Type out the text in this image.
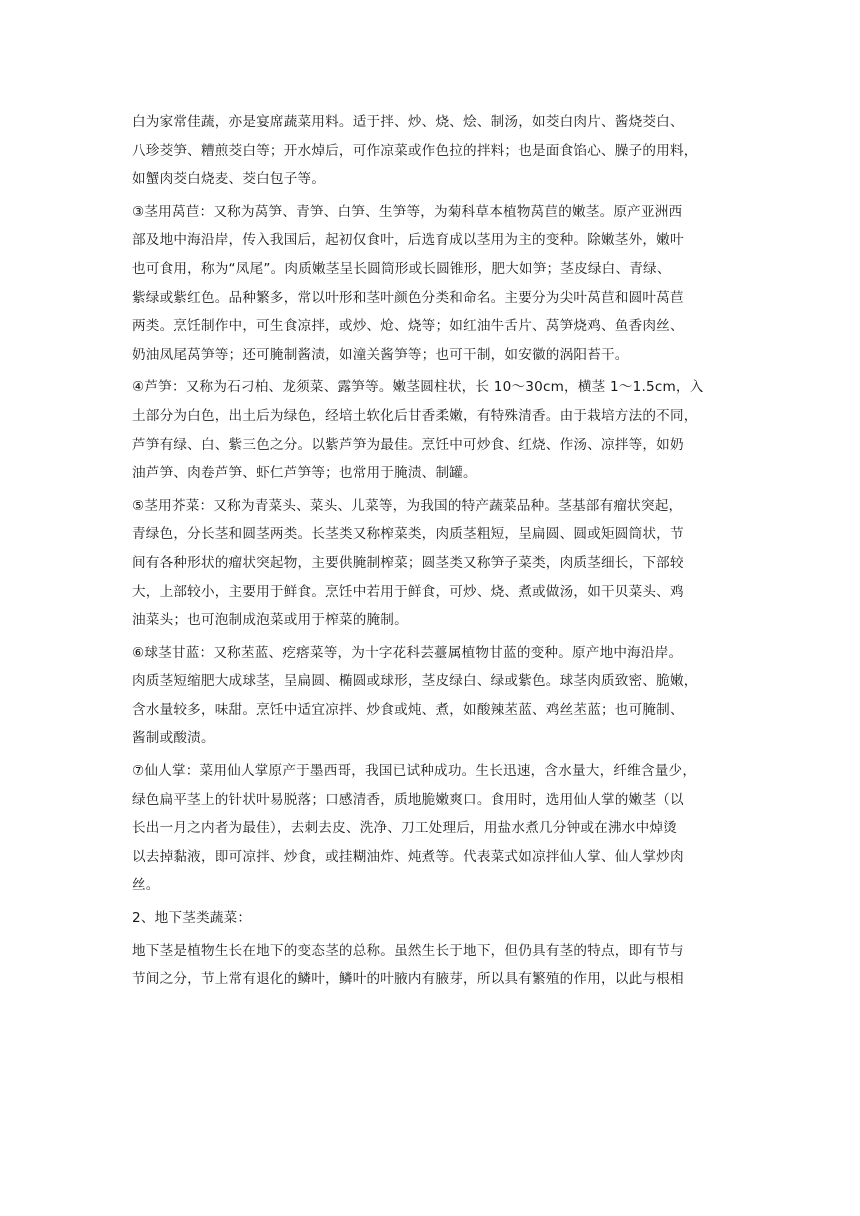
白为家常佳蔬，亦是宴席蔬菜用料。适于拌、炒、烧、烩、制汤，如茭白肉片、酱烧茭白、
八珍茭笋、糟煎茭白等；开水焯后，可作凉菜或作色拉的拌料；也是面食馅心、臊子的用料，
如蟹肉茭白烧麦、茭白包子等。
③茎用莴苣：又称为莴笋、青笋、白笋、生笋等，为菊科草本植物莴苣的嫩茎。原产亚洲西
部及地中海沿岸，传入我国后，起初仅食叶，后选育成以茎用为主的变种。除嫩茎外，嫩叶
也可食用，称为“凤尾”。肉质嫩茎呈长圆筒形或长圆锥形，肥大如笋；茎皮绿白、青绿、
紫绿或紫红色。品种繁多，常以叶形和茎叶颜色分类和命名。主要分为尖叶莴苣和圆叶莴苣
两类。烹饪制作中，可生食凉拌，或炒、炝、烧等；如红油牛舌片、莴笋烧鸡、鱼香肉丝、
奶油凤尾莴笋等；还可腌制酱渍，如潼关酱笋等；也可干制，如安徽的涡阳苔干。
④芦笋：又称为石刁柏、龙须菜、露笋等。嫩茎圆柱状，长 10～30cm，横茎 1～1.5cm，入
土部分为白色，出土后为绿色，经培土软化后甘香柔嫩，有特殊清香。由于栽培方法的不同，
芦笋有绿、白、紫三色之分。以紫芦笋为最佳。烹饪中可炒食、红烧、作汤、凉拌等，如奶
油芦笋、肉卷芦笋、虾仁芦笋等；也常用于腌渍、制罐。
⑤茎用芥菜：又称为青菜头、菜头、儿菜等，为我国的特产蔬菜品种。茎基部有瘤状突起，
青绿色，分长茎和圆茎两类。长茎类又称榨菜类，肉质茎粗短，呈扁圆、圆或矩圆筒状，节
间有各种形状的瘤状突起物，主要供腌制榨菜；圆茎类又称笋子菜类，肉质茎细长，下部较
大，上部较小，主要用于鲜食。烹饪中若用于鲜食，可炒、烧、煮或做汤，如干贝菜头、鸡
油菜头；也可泡制成泡菜或用于榨菜的腌制。
⑥球茎甘蓝：又称苤蓝、疙瘩菜等，为十字花科芸薹属植物甘蓝的变种。原产地中海沿岸。
肉质茎短缩肥大成球茎，呈扁圆、椭圆或球形，茎皮绿白、绿或紫色。球茎肉质致密、脆嫩，
含水量较多，味甜。烹饪中适宜凉拌、炒食或炖、煮，如酸辣苤蓝、鸡丝苤蓝；也可腌制、
酱制或酸渍。
⑦仙人掌：菜用仙人掌原产于墨西哥，我国已试种成功。生长迅速，含水量大，纤维含量少，
绿色扁平茎上的针状叶易脱落；口感清香，质地脆嫩爽口。食用时，选用仙人掌的嫩茎（以
长出一月之内者为最佳），去刺去皮、洗净、刀工处理后，用盐水煮几分钟或在沸水中焯烫
以去掉黏液，即可凉拌、炒食，或挂糊油炸、炖煮等。代表菜式如凉拌仙人掌、仙人掌炒肉
丝。
2、地下茎类蔬菜：
地下茎是植物生长在地下的变态茎的总称。虽然生长于地下，但仍具有茎的特点，即有节与
节间之分，节上常有退化的鳞叶，鳞叶的叶腋内有腋芽，所以具有繁殖的作用，以此与根相
